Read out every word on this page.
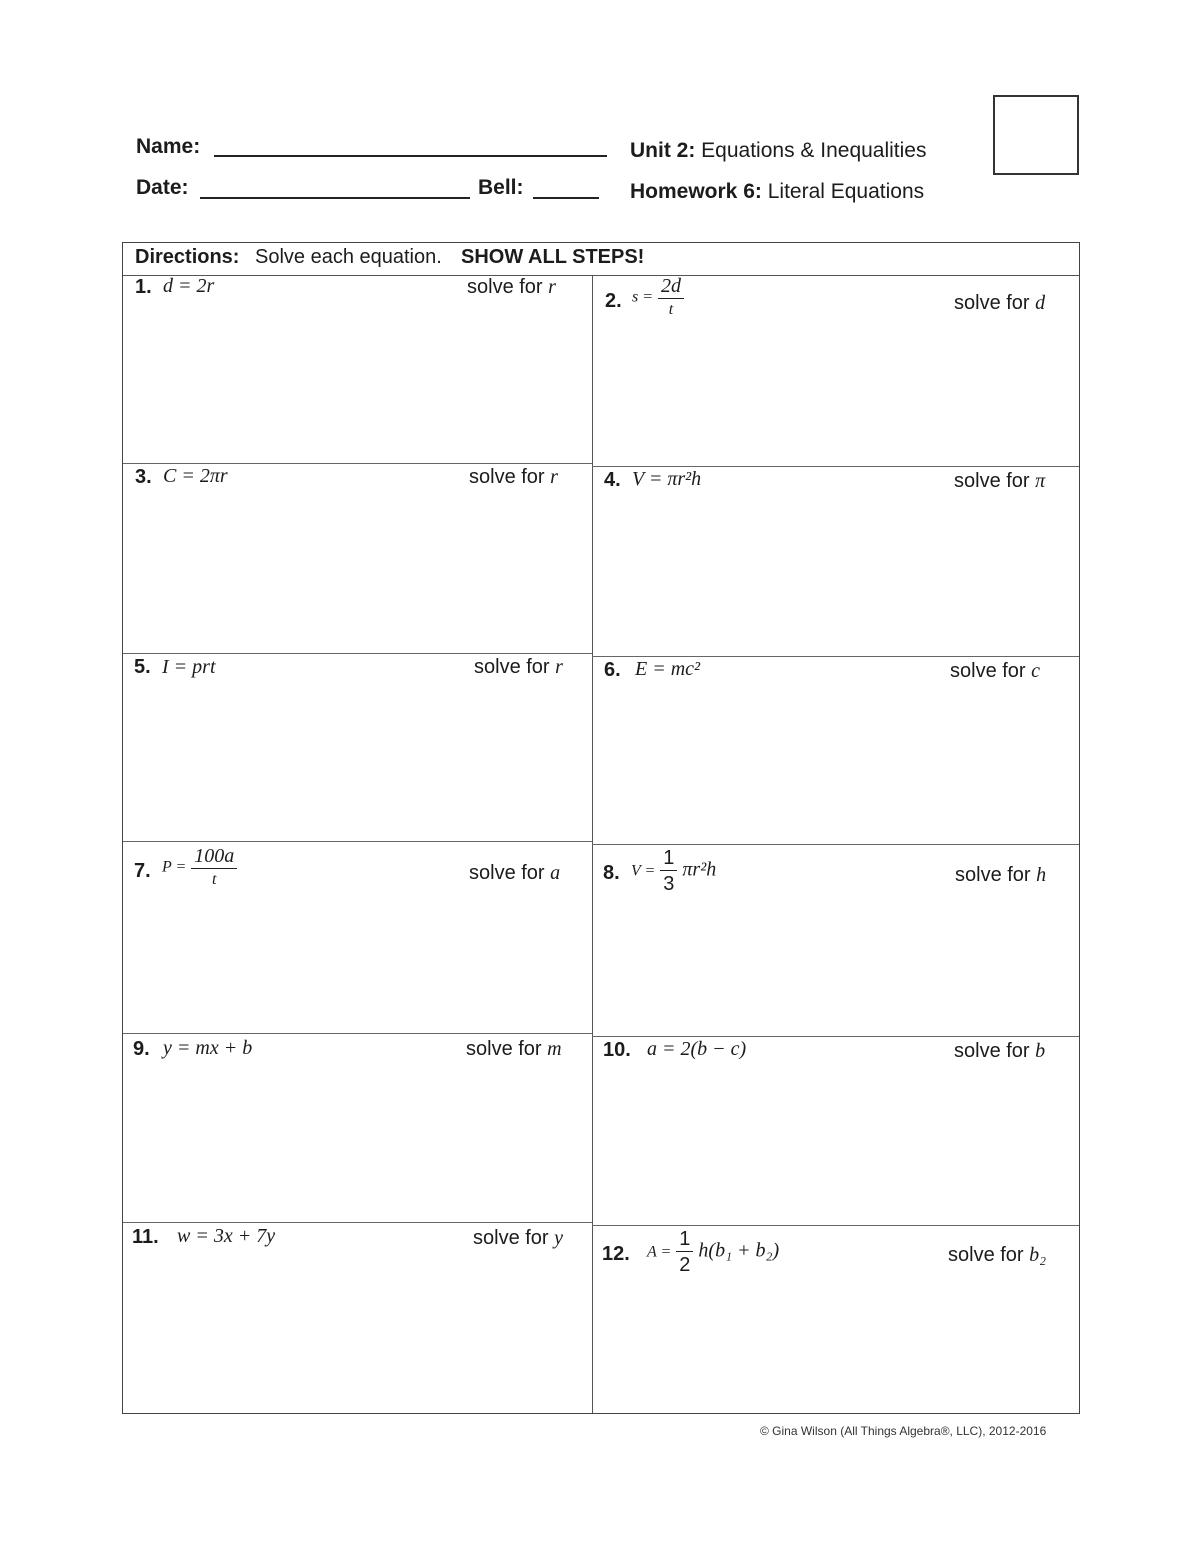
Name:
Date:	Bell:
Unit 2: Equations & Inequalities
Homework 6: Literal Equations
Directions: Solve each equation. SHOW ALL STEPS!
1. d = 2r	solve for r
2. $s = \frac{2d}{t}$	solve for d
3. C = 2πr	solve for r 4. V = πr²h	solve for π
5. I = prt	solve for r 6. E = mc²	solve for c
7. $P = \frac{100a}{t}$	solve for a 8. $V = \frac{1}{3} \pi r^2h$	solve for h
9. y = mx + b	solve for m 10. a = 2(b − c)	solve for b
11. w = 3x + 7y	solve for y
12. $A = \frac{1}{2} h(b_1 + b_2)$	solve for b₂
© Gina Wilson (All Things Algebra®, LLC), 2012-2016
